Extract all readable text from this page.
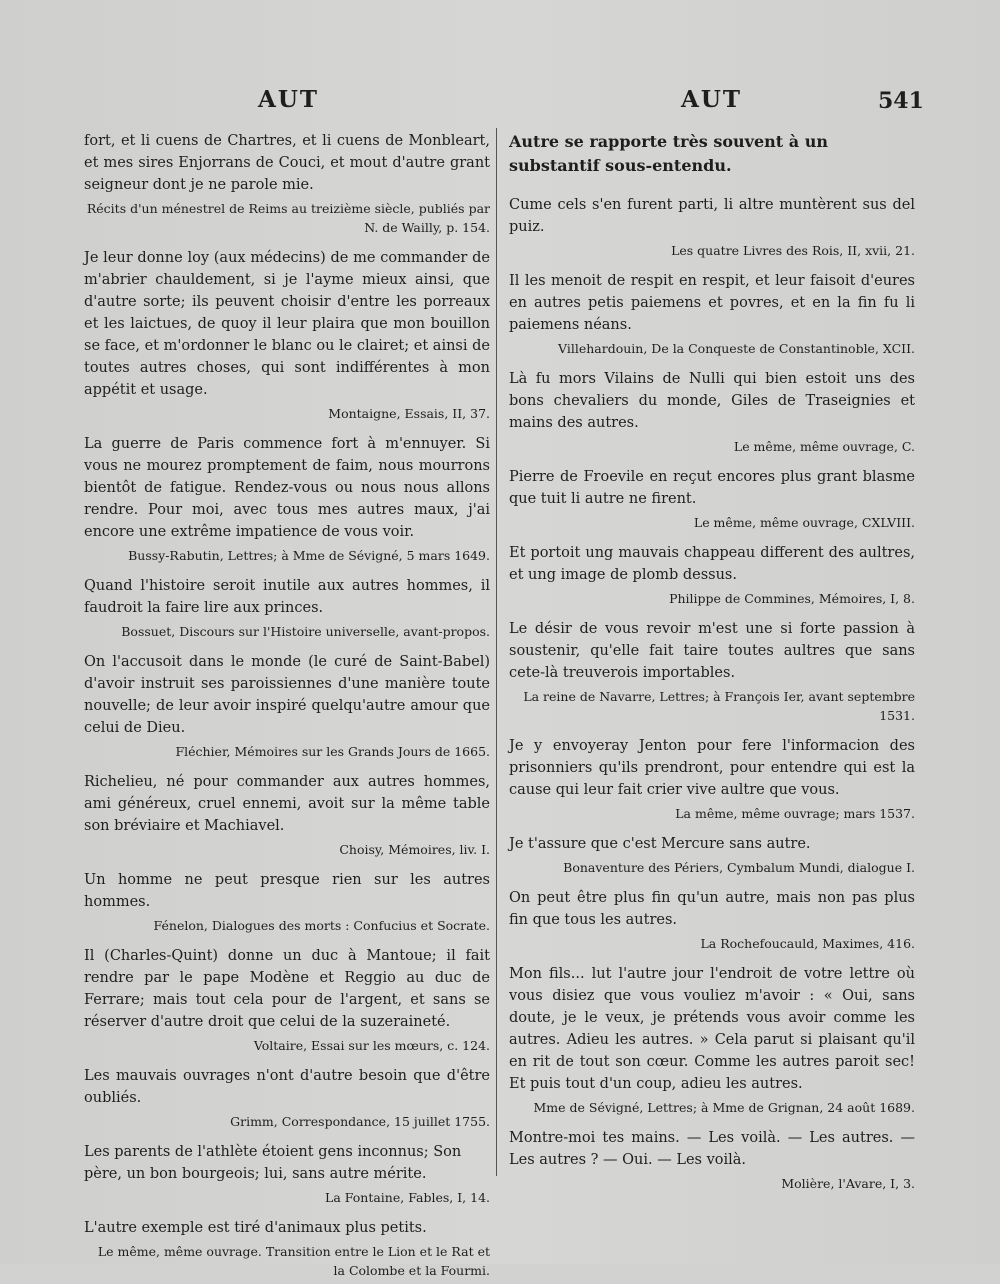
AUT	AUT	541

fort, et li cuens de Chartres, et li cuens de Monbleart, et mes sires Enjorrans de Couci, et mout d'autre grant seigneur dont je ne parole mie.

Récits d'un ménestrel de Reims au treizième siècle, publiés par N. de Wailly, p. 154.

Je leur donne loy (aux médecins) de me commander de m'abrier chauldement, si je l'ayme mieux ainsi, que d'autre sorte; ils peuvent choisir d'entre les porreaux et les laictues, de quoy il leur plaira que mon bouillon se face, et m'ordonner le blanc ou le clairet; et ainsi de toutes autres choses, qui sont indifférentes à mon appétit et usage.

Montaigne, Essais, II, 37.

La guerre de Paris commence fort à m'ennuyer. Si vous ne mourez promptement de faim, nous mourrons bientôt de fatigue. Rendez-vous ou nous nous allons rendre. Pour moi, avec tous mes autres maux, j'ai encore une extrême impatience de vous voir.

Bussy-Rabutin, Lettres; à Mme de Sévigné, 5 mars 1649.

Quand l'histoire seroit inutile aux autres hommes, il faudroit la faire lire aux princes.

Bossuet, Discours sur l'Histoire universelle, avant-propos.

On l'accusoit dans le monde (le curé de Saint-Babel) d'avoir instruit ses paroissiennes d'une manière toute nouvelle; de leur avoir inspiré quelqu'autre amour que celui de Dieu.

Fléchier, Mémoires sur les Grands Jours de 1665.

Richelieu, né pour commander aux autres hommes, ami généreux, cruel ennemi, avoit sur la même table son bréviaire et Machiavel.

Choisy, Mémoires, liv. I.

Un homme ne peut presque rien sur les autres hommes.

Fénelon, Dialogues des morts : Confucius et Socrate.

Il (Charles-Quint) donne un duc à Mantoue; il fait rendre par le pape Modène et Reggio au duc de Ferrare; mais tout cela pour de l'argent, et sans se réserver d'autre droit que celui de la suzeraineté.

Voltaire, Essai sur les mœurs, c. 124.

Les mauvais ouvrages n'ont d'autre besoin que d'être oubliés.

Grimm, Correspondance, 15 juillet 1755.

Les parents de l'athlète étoient gens inconnus; Son père, un bon bourgeois; lui, sans autre mérite.

La Fontaine, Fables, I, 14.

L'autre exemple est tiré d'animaux plus petits.

Le même, même ouvrage. Transition entre le Lion et le Rat et la Colombe et la Fourmi.

Autre se rapporte très souvent à un substantif sous-entendu.

Cume cels s'en furent parti, li altre muntèrent sus del puiz.

Les quatre Livres des Rois, II, xvii, 21.

Il les menoit de respit en respit, et leur faisoit d'eures en autres petis paiemens et povres, et en la fin fu li paiemens néans.

Villehardouin, De la Conqueste de Constantinoble, XCII.

Là fu mors Vilains de Nulli qui bien estoit uns des bons chevaliers du monde, Giles de Traseignies et mains des autres.

Le même, même ouvrage, C.

Pierre de Froevile en reçut encores plus grant blasme que tuit li autre ne firent.

Le même, même ouvrage, CXLVIII.

Et portoit ung mauvais chappeau different des aultres, et ung image de plomb dessus.

Philippe de Commines, Mémoires, I, 8.

Le désir de vous revoir m'est une si forte passion à soustenir, qu'elle fait taire toutes aultres que sans cete-là treuverois importables.

La reine de Navarre, Lettres; à François Ier, avant septembre 1531.

Je y envoyeray Jenton pour fere l'informacion des prisonniers qu'ils prendront, pour entendre qui est la cause qui leur fait crier vive aultre que vous.

La même, même ouvrage; mars 1537.

Je t'assure que c'est Mercure sans autre.

Bonaventure des Périers, Cymbalum Mundi, dialogue I.

On peut être plus fin qu'un autre, mais non pas plus fin que tous les autres.

La Rochefoucauld, Maximes, 416.

Mon fils... lut l'autre jour l'endroit de votre lettre où vous disiez que vous vouliez m'avoir : « Oui, sans doute, je le veux, je prétends vous avoir comme les autres. Adieu les autres. » Cela parut si plaisant qu'il en rit de tout son cœur. Comme les autres paroit sec! Et puis tout d'un coup, adieu les autres.

Mme de Sévigné, Lettres; à Mme de Grignan, 24 août 1689.

Montre-moi tes mains. — Les voilà. — Les autres. — Les autres ? — Oui. — Les voilà.

Molière, l'Avare, I, 3.
